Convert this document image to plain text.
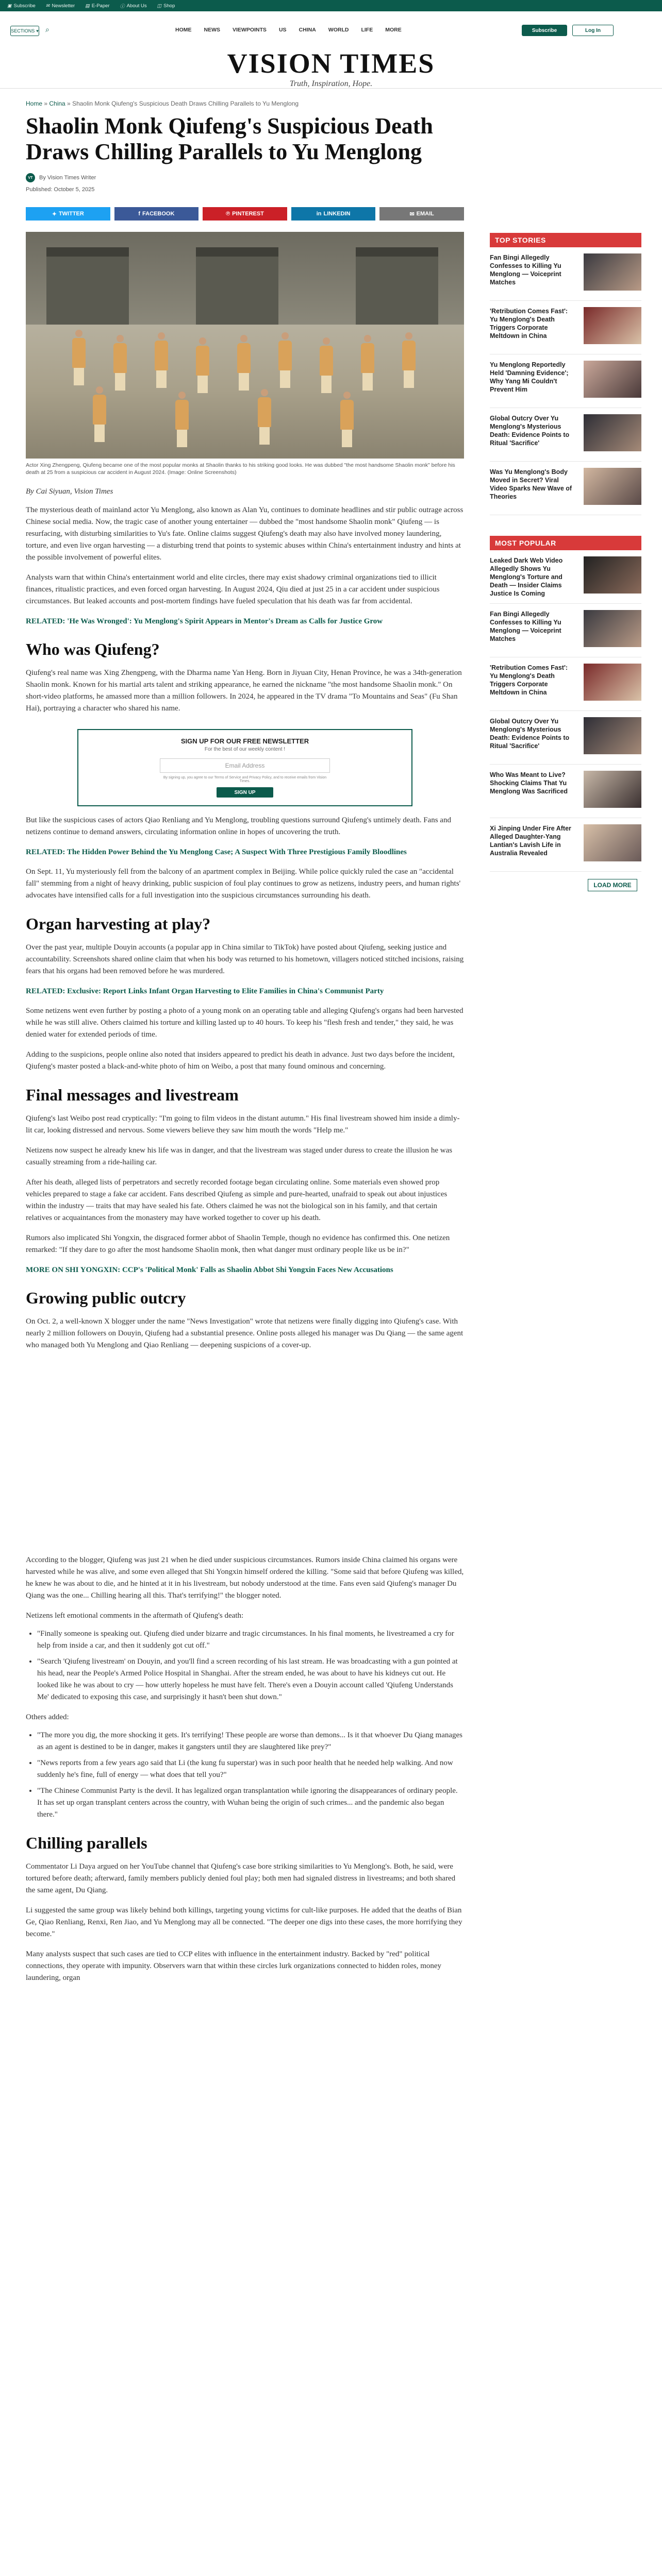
▣ Subscribe ✉ Newsletter ▤ E-Paper ⓘ About Us ◫ Shop
SECTIONS ▾ ⌕	HOME NEWS VIEWPOINTS US CHINA WORLD LIFE MORE	Subscribe	Log In
VISION TIMES
Truth, Inspiration, Hope.
Home » China » Shaolin Monk Qiufeng's Suspicious Death Draws Chilling Parallels to Yu Menglong
Shaolin Monk Qiufeng's Suspicious Death Draws Chilling Parallels to Yu Menglong
VT	By Vision Times Writer
Published: October 5, 2025
✦ TWITTER	f FACEBOOK	℗ PINTEREST	in LINKEDIN	✉ EMAIL
Actor Xing Zhengpeng, Qiufeng became one of the most popular monks at Shaolin thanks to his striking good looks. He was dubbed "the most handsome Shaolin monk" before his death at 25 from a suspicious car accident in August 2024. (Image: Online Screenshots)
By Cai Siyuan, Vision Times

The mysterious death of mainland actor Yu Menglong, also known as Alan Yu, continues to dominate headlines and stir public outrage across Chinese social media. Now, the tragic case of another young entertainer — dubbed the "most handsome Shaolin monk" Qiufeng — is resurfacing, with disturbing similarities to Yu's fate. Online claims suggest Qiufeng's death may also have involved money laundering, torture, and even live organ harvesting — a disturbing trend that points to systemic abuses within China's entertainment industry and hints at the possible involvement of powerful elites.

Analysts warn that within China's entertainment world and elite circles, there may exist shadowy criminal organizations tied to illicit finances, ritualistic practices, and even forced organ harvesting. In August 2024, Qiu died at just 25 in a car accident under suspicious circumstances. But leaked accounts and post-mortem findings have fueled speculation that his death was far from accidental.

RELATED: 'He Was Wronged': Yu Menglong's Spirit Appears in Mentor's Dream as Calls for Justice Grow

Who was Qiufeng?

Qiufeng's real name was Xing Zhengpeng, with the Dharma name Yan Heng. Born in Jiyuan City, Henan Province, he was a 34th-generation Shaolin monk. Known for his martial arts talent and striking appearance, he earned the nickname "the most handsome Shaolin monk." On short-video platforms, he amassed more than a million followers. In 2024, he appeared in the TV drama "To Mountains and Seas" (Fu Shan Hai), portraying a character who shared his name.

SIGN UP FOR OUR FREE NEWSLETTER
For the best of our weekly content !
Email Address
By signing up, you agree to our Terms of Service and Privacy Policy, and to receive emails from Vision Times.
SIGN UP

But like the suspicious cases of actors Qiao Renliang and Yu Menglong, troubling questions surround Qiufeng's untimely death. Fans and netizens continue to demand answers, circulating information online in hopes of uncovering the truth.

RELATED: The Hidden Power Behind the Yu Menglong Case; A Suspect With Three Prestigious Family Bloodlines

On Sept. 11, Yu mysteriously fell from the balcony of an apartment complex in Beijing. While police quickly ruled the case an "accidental fall" stemming from a night of heavy drinking, public suspicion of foul play continues to grow as netizens, industry peers, and human rights' advocates have intensified calls for a full investigation into the suspicious circumstances surrounding his death.

Organ harvesting at play?

Over the past year, multiple Douyin accounts (a popular app in China similar to TikTok) have posted about Qiufeng, seeking justice and accountability. Screenshots shared online claim that when his body was returned to his hometown, villagers noticed stitched incisions, raising fears that his organs had been removed before he was murdered.

RELATED: Exclusive: Report Links Infant Organ Harvesting to Elite Families in China's Communist Party

Some netizens went even further by posting a photo of a young monk on an operating table and alleging Qiufeng's organs had been harvested while he was still alive. Others claimed his torture and killing lasted up to 40 hours. To keep his "flesh fresh and tender," they said, he was denied water for extended periods of time.

Adding to the suspicions, people online also noted that insiders appeared to predict his death in advance. Just two days before the incident, Qiufeng's master posted a black-and-white photo of him on Weibo, a post that many found ominous and concerning.

Final messages and livestream

Qiufeng's last Weibo post read cryptically: "I'm going to film videos in the distant autumn." His final livestream showed him inside a dimly-lit car, looking distressed and nervous. Some viewers believe they saw him mouth the words "Help me."

Netizens now suspect he already knew his life was in danger, and that the livestream was staged under duress to create the illusion he was casually streaming from a ride-hailing car.

After his death, alleged lists of perpetrators and secretly recorded footage began circulating online. Some materials even showed prop vehicles prepared to stage a fake car accident. Fans described Qiufeng as simple and pure-hearted, unafraid to speak out about injustices within the industry — traits that may have sealed his fate. Others claimed he was not the biological son in his family, and that certain relatives or acquaintances from the monastery may have worked together to cover up his death.

Rumors also implicated Shi Yongxin, the disgraced former abbot of Shaolin Temple, though no evidence has confirmed this. One netizen remarked: "If they dare to go after the most handsome Shaolin monk, then what danger must ordinary people like us be in?"

MORE ON SHI YONGXIN: CCP's 'Political Monk' Falls as Shaolin Abbot Shi Yongxin Faces New Accusations

Growing public outcry

On Oct. 2, a well-known X blogger under the name "News Investigation" wrote that netizens were finally digging into Qiufeng's case. With nearly 2 million followers on Douyin, Qiufeng had a substantial presence. Online posts alleged his manager was Du Qiang — the same agent who managed both Yu Menglong and Qiao Renliang — deepening suspicions of a cover-up.

According to the blogger, Qiufeng was just 21 when he died under suspicious circumstances. Rumors inside China claimed his organs were harvested while he was alive, and some even alleged that Shi Yongxin himself ordered the killing. "Some said that before Qiufeng was killed, he knew he was about to die, and he hinted at it in his livestream, but nobody understood at the time. Fans even said Qiufeng's manager Du Qiang was the one... Chilling hearing all this. That's terrifying!" the blogger noted.

Netizens left emotional comments in the aftermath of Qiufeng's death:

• "Finally someone is speaking out. Qiufeng died under bizarre and tragic circumstances. In his final moments, he livestreamed a cry for help from inside a car, and then it suddenly got cut off."
• "Search 'Qiufeng livestream' on Douyin, and you'll find a screen recording of his last stream. He was broadcasting with a gun pointed at his head, near the People's Armed Police Hospital in Shanghai. After the stream ended, he was about to have his kidneys cut out. He looked like he was about to cry — how utterly hopeless he must have felt. There's even a Douyin account called 'Qiufeng Understands Me' dedicated to exposing this case, and surprisingly it hasn't been shut down."

Others added:

• "The more you dig, the more shocking it gets. It's terrifying! These people are worse than demons... Is it that whoever Du Qiang manages as an agent is destined to be in danger, makes it gangsters until they are slaughtered like prey?"
• "News reports from a few years ago said that Li (the kung fu superstar) was in such poor health that he needed help walking. And now suddenly he's fine, full of energy — what does that tell you?"
• "The Chinese Communist Party is the devil. It has legalized organ transplantation while ignoring the disappearances of ordinary people. It has set up organ transplant centers across the country, with Wuhan being the origin of such crimes... and the pandemic also began there."
Chilling parallels

Commentator Li Daya argued on her YouTube channel that Qiufeng's case bore striking similarities to Yu Menglong's. Both, he said, were tortured before death; afterward, family members publicly denied foul play; both men had signaled distress in livestreams; and both shared the same agent, Du Qiang.

Li suggested the same group was likely behind both killings, targeting young victims for cult-like purposes. He added that the deaths of Bian Ge, Qiao Renliang, Renxi, Ren Jiao, and Yu Menglong may all be connected. "The deeper one digs into these cases, the more horrifying they become."

Many analysts suspect that such cases are tied to CCP elites with influence in the entertainment industry. Backed by "red" political connections, they operate with impunity. Observers warn that within these circles lurk organizations connected to hidden roles, money laundering, organ

TOP STORIES
Fan Bingi Allegedly Confesses to Killing Yu Menglong — Voiceprint Matches
'Retribution Comes Fast': Yu Menglong's Death Triggers Corporate Meltdown in China
Yu Menglong Reportedly Held 'Damning Evidence'; Why Yang Mi Couldn't Prevent Him
Global Outcry Over Yu Menglong's Mysterious Death: Evidence Points to Ritual 'Sacrifice'
Was Yu Menglong's Body Moved in Secret? Viral Video Sparks New Wave of Theories
MOST POPULAR
Leaked Dark Web Video Allegedly Shows Yu Menglong's Torture and Death — Insider Claims Justice Is Coming
Fan Bingi Allegedly Confesses to Killing Yu Menglong — Voiceprint Matches
'Retribution Comes Fast': Yu Menglong's Death Triggers Corporate Meltdown in China
Global Outcry Over Yu Menglong's Mysterious Death: Evidence Points to Ritual 'Sacrifice'
Who Was Meant to Live? Shocking Claims That Yu Menglong Was Sacrificed
Xi Jinping Under Fire After Alleged Daughter-Yang Lantian's Lavish Life in Australia Revealed
LOAD MORE
